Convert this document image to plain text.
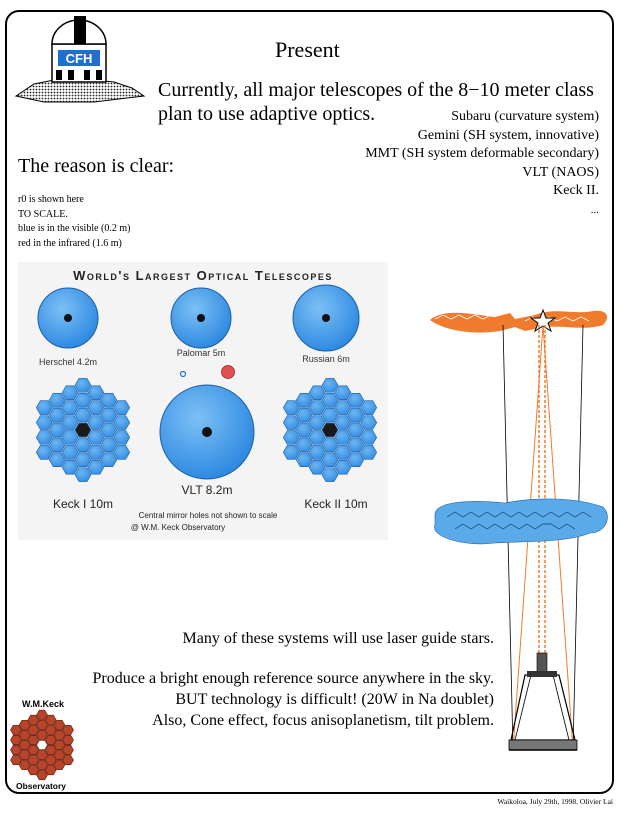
CFH	Present
Currently, all major telescopes of the 8−10 meter class
plan to use adaptive optics.	Subaru (curvature system)
Gemini (SH system, innovative)
MMT (SH system deformable secondary)
VLT (NAOS)
Keck II.
...
The reason is clear:
r0 is shown here
TO SCALE.
blue is in the visible (0.2 m)
red in the infrared (1.6 m)
World's Largest Optical Telescopes
Herschel 4.2m
Palomar 5m
Russian 6m
Keck I 10m
VLT 8.2m
Keck II 10m
Central mirror holes not shown to scale
@ W.M. Keck Observatory
Many of these systems will use laser guide stars.
Produce a bright enough reference source anywhere in the sky.
BUT technology is difficult! (20W in Na doublet)
Also, Cone effect, focus anisoplanetism, tilt problem.
W.M.Keck
Observatory
Waikoloa, July 29th, 1998. Olivier Lai
